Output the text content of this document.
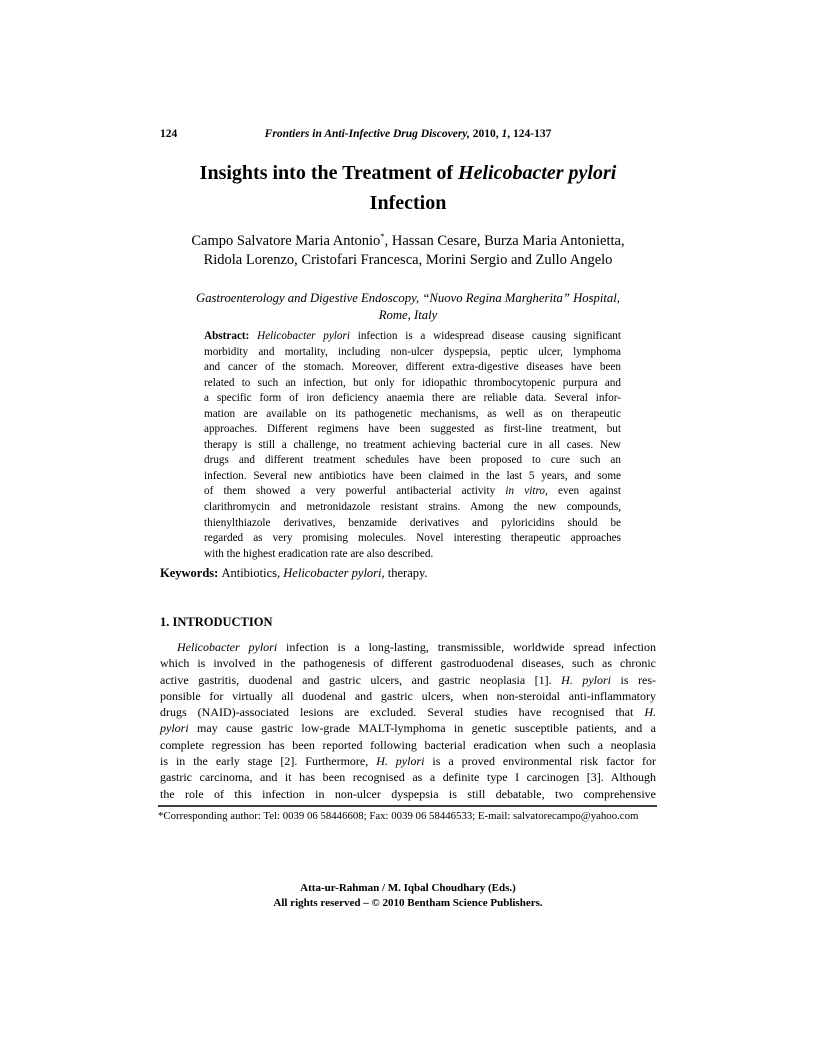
124	Frontiers in Anti-Infective Drug Discovery, 2010, 1, 124-137
Insights into the Treatment of Helicobacter pylori
Infection
Campo Salvatore Maria Antonio*, Hassan Cesare, Burza Maria Antonietta,
Ridola Lorenzo, Cristofari Francesca, Morini Sergio and Zullo Angelo
Gastroenterology and Digestive Endoscopy, “Nuovo Regina Margherita” Hospital,
Rome, Italy
Abstract: Helicobacter pylori infection is a widespread disease causing significant
morbidity and mortality, including non-ulcer dyspepsia, peptic ulcer, lymphoma
and cancer of the stomach. Moreover, different extra-digestive diseases have been
related to such an infection, but only for idiopathic thrombocytopenic purpura and
a specific form of iron deficiency anaemia there are reliable data. Several infor-
mation are available on its pathogenetic mechanisms, as well as on therapeutic
approaches. Different regimens have been suggested as first-line treatment, but
therapy is still a challenge, no treatment achieving bacterial cure in all cases. New
drugs and different treatment schedules have been proposed to cure such an
infection. Several new antibiotics have been claimed in the last 5 years, and some
of them showed a very powerful antibacterial activity in vitro, even against
clarithromycin and metronidazole resistant strains. Among the new compounds,
thienylthiazole derivatives, benzamide derivatives and pyloricidins should be
regarded as very promising molecules. Novel interesting therapeutic approaches
with the highest eradication rate are also described.
Keywords: Antibiotics, Helicobacter pylori, therapy.
1. INTRODUCTION
Helicobacter pylori infection is a long-lasting, transmissible, worldwide spread infection
which is involved in the pathogenesis of different gastroduodenal diseases, such as chronic
active gastritis, duodenal and gastric ulcers, and gastric neoplasia [1]. H. pylori is res-
ponsible for virtually all duodenal and gastric ulcers, when non-steroidal anti-inflammatory
drugs (NAID)-associated lesions are excluded. Several studies have recognised that H.
pylori may cause gastric low-grade MALT-lymphoma in genetic susceptible patients, and a
complete regression has been reported following bacterial eradication when such a neoplasia
is in the early stage [2]. Furthermore, H. pylori is a proved environmental risk factor for
gastric carcinoma, and it has been recognised as a definite type I carcinogen [3]. Although
the role of this infection in non-ulcer dyspepsia is still debatable, two comprehensive
*Corresponding author: Tel: 0039 06 58446608; Fax: 0039 06 58446533; E-mail: salvatorecampo@yahoo.com
Atta-ur-Rahman / M. Iqbal Choudhary (Eds.)
All rights reserved – © 2010 Bentham Science Publishers.
